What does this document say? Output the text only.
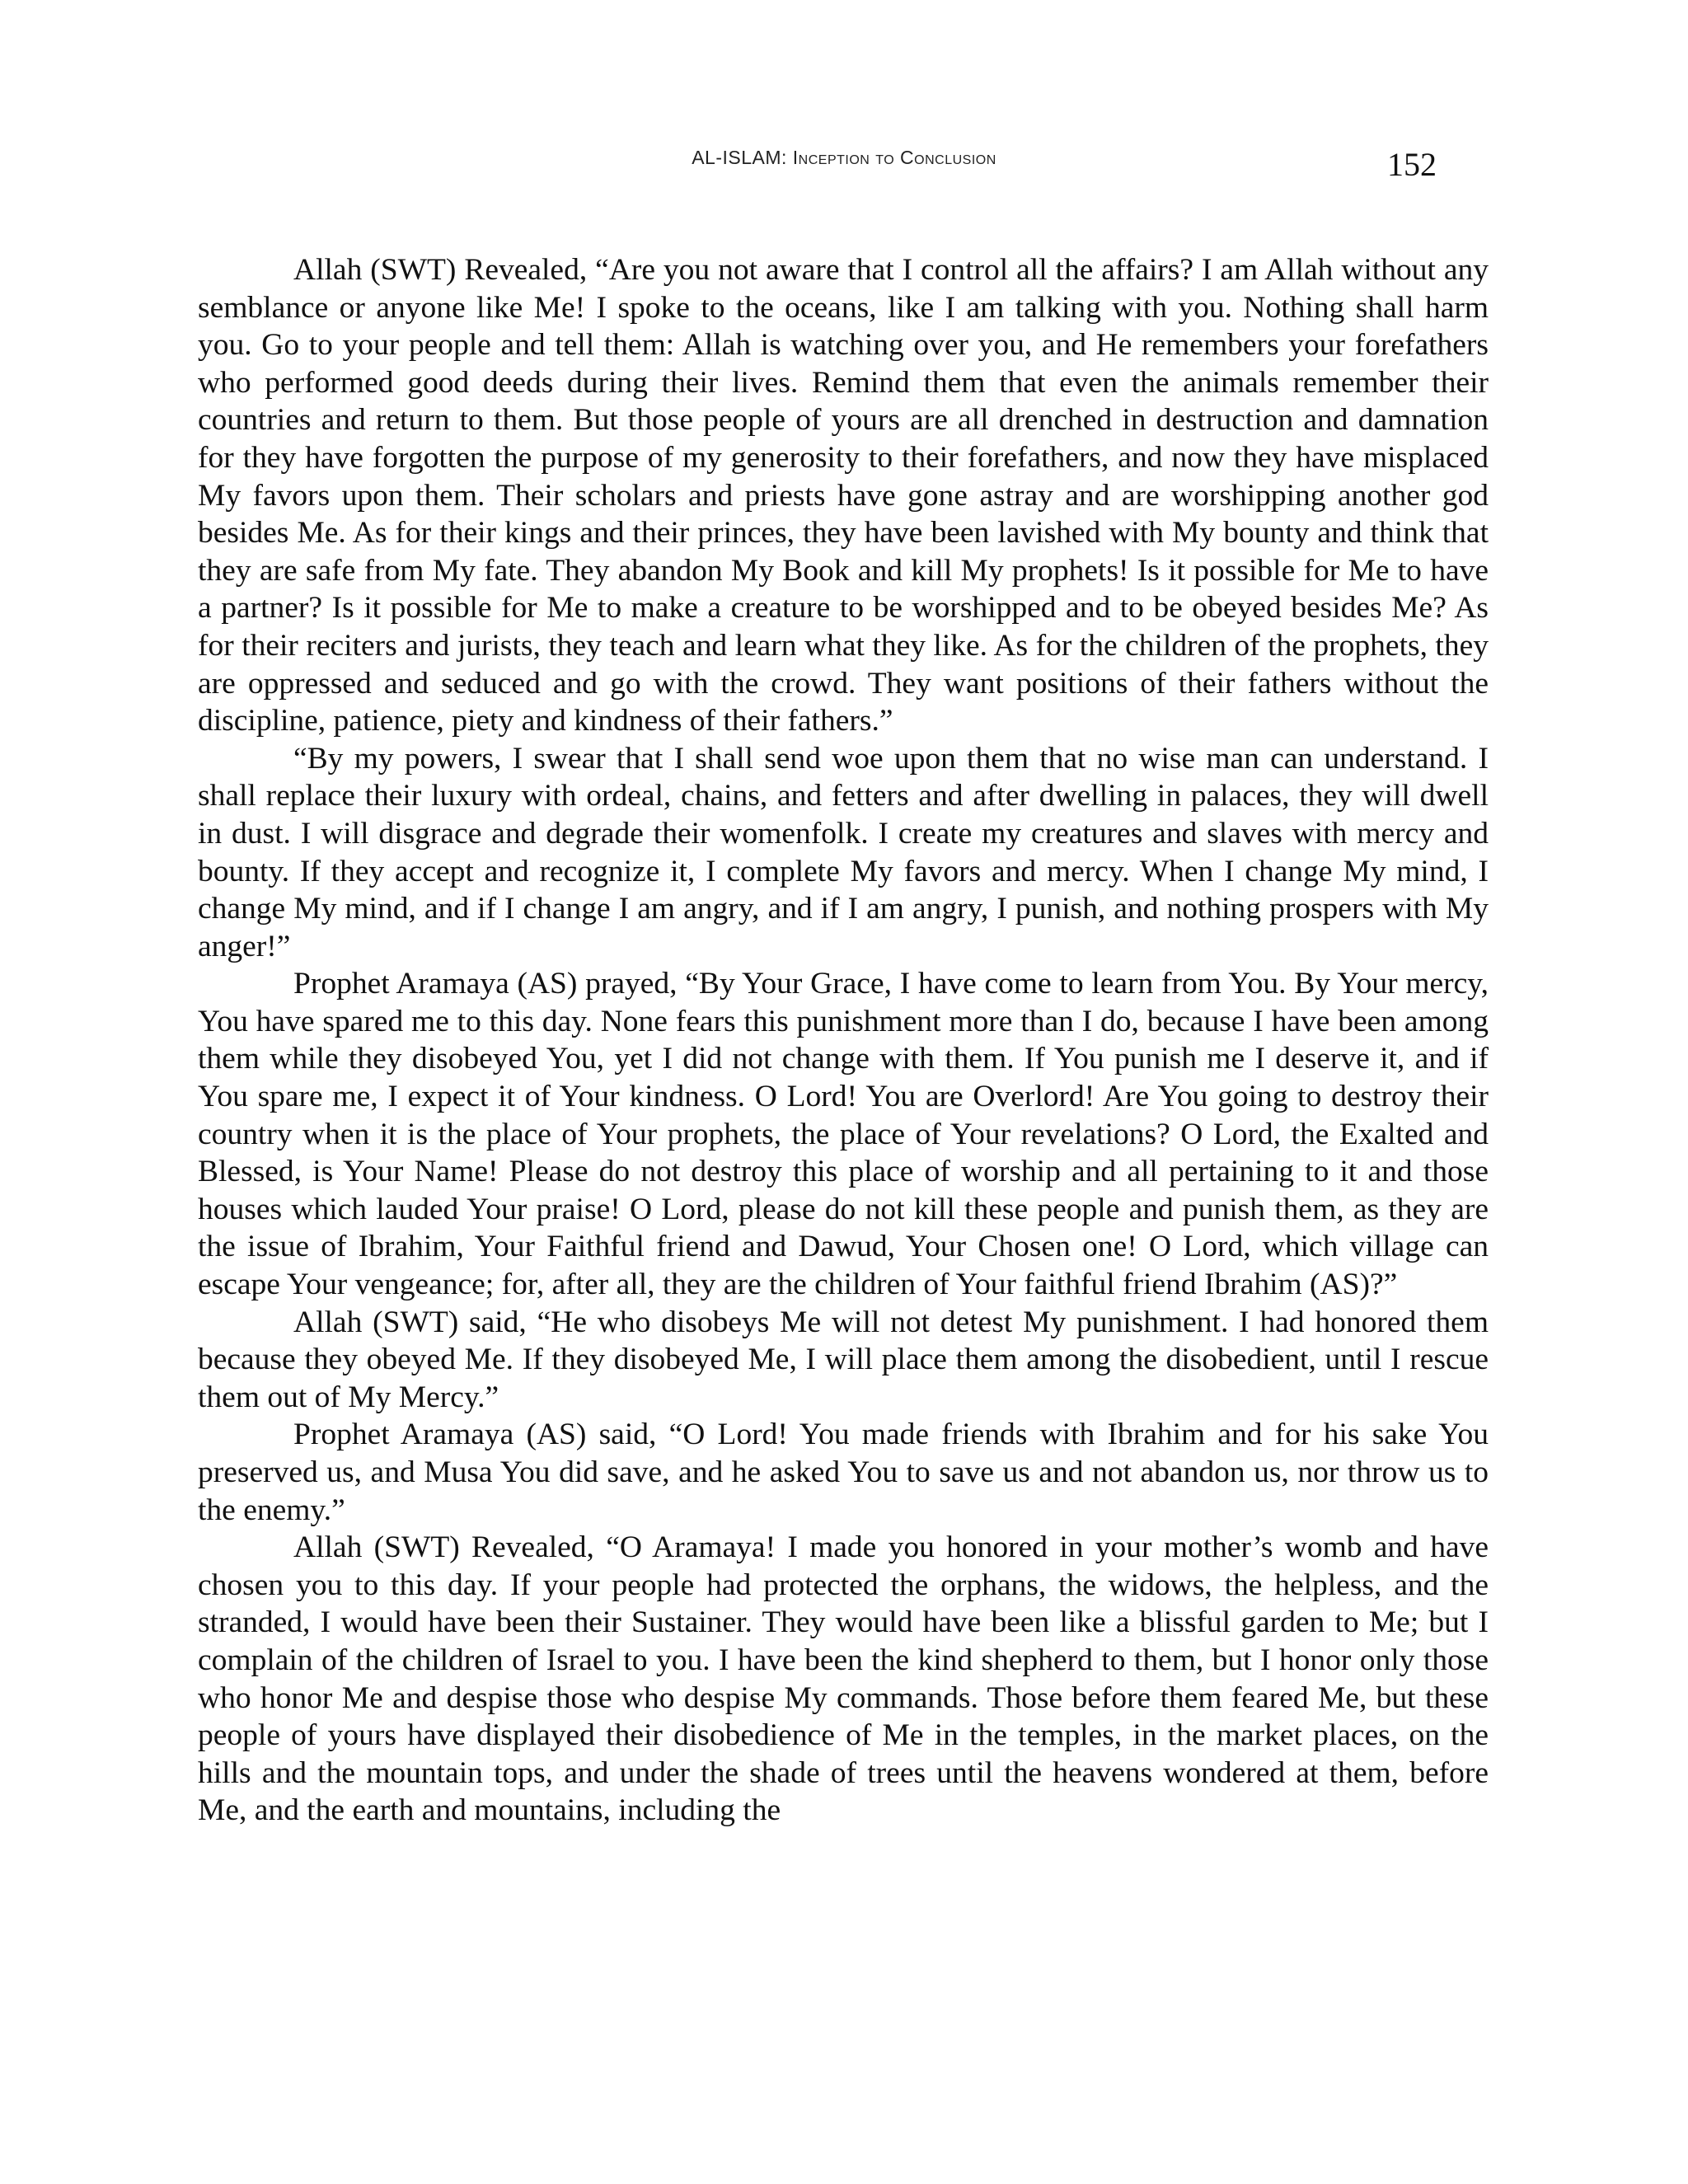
AL-ISLAM: Inception to Conclusion	152

Allah (SWT) Revealed, “Are you not aware that I control all the affairs? I am Allah without any semblance or anyone like Me! I spoke to the oceans, like I am talking with you. Nothing shall harm you. Go to your people and tell them: Allah is watching over you, and He remembers your forefathers who performed good deeds during their lives. Remind them that even the animals remember their countries and return to them. But those people of yours are all drenched in destruction and damnation for they have forgotten the purpose of my generosity to their forefathers, and now they have misplaced My favors upon them. Their scholars and priests have gone astray and are worshipping another god besides Me. As for their kings and their princes, they have been lavished with My bounty and think that they are safe from My fate. They abandon My Book and kill My prophets! Is it possible for Me to have a partner? Is it possible for Me to make a creature to be worshipped and to be obeyed besides Me? As for their reciters and jurists, they teach and learn what they like. As for the children of the prophets, they are oppressed and seduced and go with the crowd. They want positions of their fathers without the discipline, patience, piety and kindness of their fathers.”

“By my powers, I swear that I shall send woe upon them that no wise man can understand. I shall replace their luxury with ordeal, chains, and fetters and after dwelling in palaces, they will dwell in dust. I will disgrace and degrade their womenfolk. I create my creatures and slaves with mercy and bounty. If they accept and recognize it, I complete My favors and mercy. When I change My mind, I change My mind, and if I change I am angry, and if I am angry, I punish, and nothing prospers with My anger!”

Prophet Aramaya (AS) prayed, “By Your Grace, I have come to learn from You. By Your mercy, You have spared me to this day. None fears this punishment more than I do, because I have been among them while they disobeyed You, yet I did not change with them. If You punish me I deserve it, and if You spare me, I expect it of Your kindness. O Lord! You are Overlord! Are You going to destroy their country when it is the place of Your prophets, the place of Your revelations? O Lord, the Exalted and Blessed, is Your Name! Please do not destroy this place of worship and all pertaining to it and those houses which lauded Your praise! O Lord, please do not kill these people and punish them, as they are the issue of Ibrahim, Your Faithful friend and Dawud, Your Chosen one! O Lord, which village can escape Your vengeance; for, after all, they are the children of Your faithful friend Ibrahim (AS)?”

Allah (SWT) said, “He who disobeys Me will not detest My punishment. I had honored them because they obeyed Me. If they disobeyed Me, I will place them among the disobedient, until I rescue them out of My Mercy.”

Prophet Aramaya (AS) said, “O Lord! You made friends with Ibrahim and for his sake You preserved us, and Musa You did save, and he asked You to save us and not abandon us, nor throw us to the enemy.”

Allah (SWT) Revealed, “O Aramaya! I made you honored in your mother’s womb and have chosen you to this day. If your people had protected the orphans, the widows, the helpless, and the stranded, I would have been their Sustainer. They would have been like a blissful garden to Me; but I complain of the children of Israel to you. I have been the kind shepherd to them, but I honor only those who honor Me and despise those who despise My commands. Those before them feared Me, but these people of yours have displayed their disobedience of Me in the temples, in the market places, on the hills and the mountain tops, and under the shade of trees until the heavens wondered at them, before Me, and the earth and mountains, including the
